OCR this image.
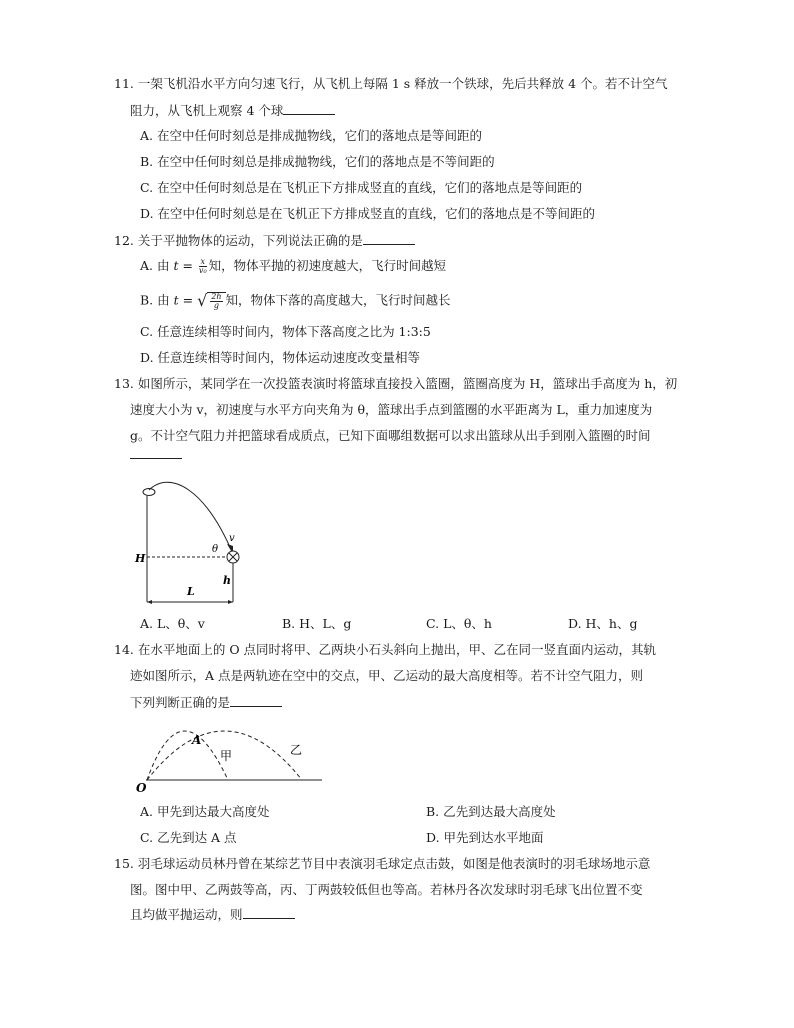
11. 一架飞机沿水平方向匀速飞行，从飞机上每隔 1 s 释放一个铁球，先后共释放 4 个。若不计空气
阻力，从飞机上观察 4 个球
A. 在空中任何时刻总是排成抛物线，它们的落地点是等间距的
B. 在空中任何时刻总是排成抛物线，它们的落地点是不等间距的
C. 在空中任何时刻总是在飞机正下方排成竖直的直线，它们的落地点是等间距的
D. 在空中任何时刻总是在飞机正下方排成竖直的直线，它们的落地点是不等间距的
12. 关于平抛物体的运动，下列说法正确的是
A. 由 $t = \frac{x}{\text{v₀}}$ 知，物体平抛的初速度越大，飞行时间越短
B. 由 t = √ $\frac{2h}{g}$ 知，物体下落的高度越大，飞行时间越长
C. 任意连续相等时间内，物体下落高度之比为 1:3:5
D. 任意连续相等时间内，物体运动速度改变量相等
13. 如图所示，某同学在一次投篮表演时将篮球直接投入篮圈，篮圈高度为 H，篮球出手高度为 h，初
速度大小为 v，初速度与水平方向夹角为 θ，篮球出手点到篮圈的水平距离为 L，重力加速度为
g。不计空气阻力并把篮球看成质点，已知下面哪组数据可以求出篮球从出手到刚入篮圈的时间
H
L
h
v
θ
A. L、θ、v	B. H、L、g	C. L、θ、h	D. H、h、g
14. 在水平地面上的 O 点同时将甲、乙两块小石头斜向上抛出，甲、乙在同一竖直面内运动，其轨
迹如图所示，A 点是两轨迹在空中的交点，甲、乙运动的最大高度相等。若不计空气阻力，则
下列判断正确的是
O
A
甲	乙
A. 甲先到达最大高度处	B. 乙先到达最大高度处
C. 乙先到达 A 点	D. 甲先到达水平地面
15. 羽毛球运动员林丹曾在某综艺节目中表演羽毛球定点击鼓，如图是他表演时的羽毛球场地示意
图。图中甲、乙两鼓等高，丙、丁两鼓较低但也等高。若林丹各次发球时羽毛球飞出位置不变
且均做平抛运动，则
